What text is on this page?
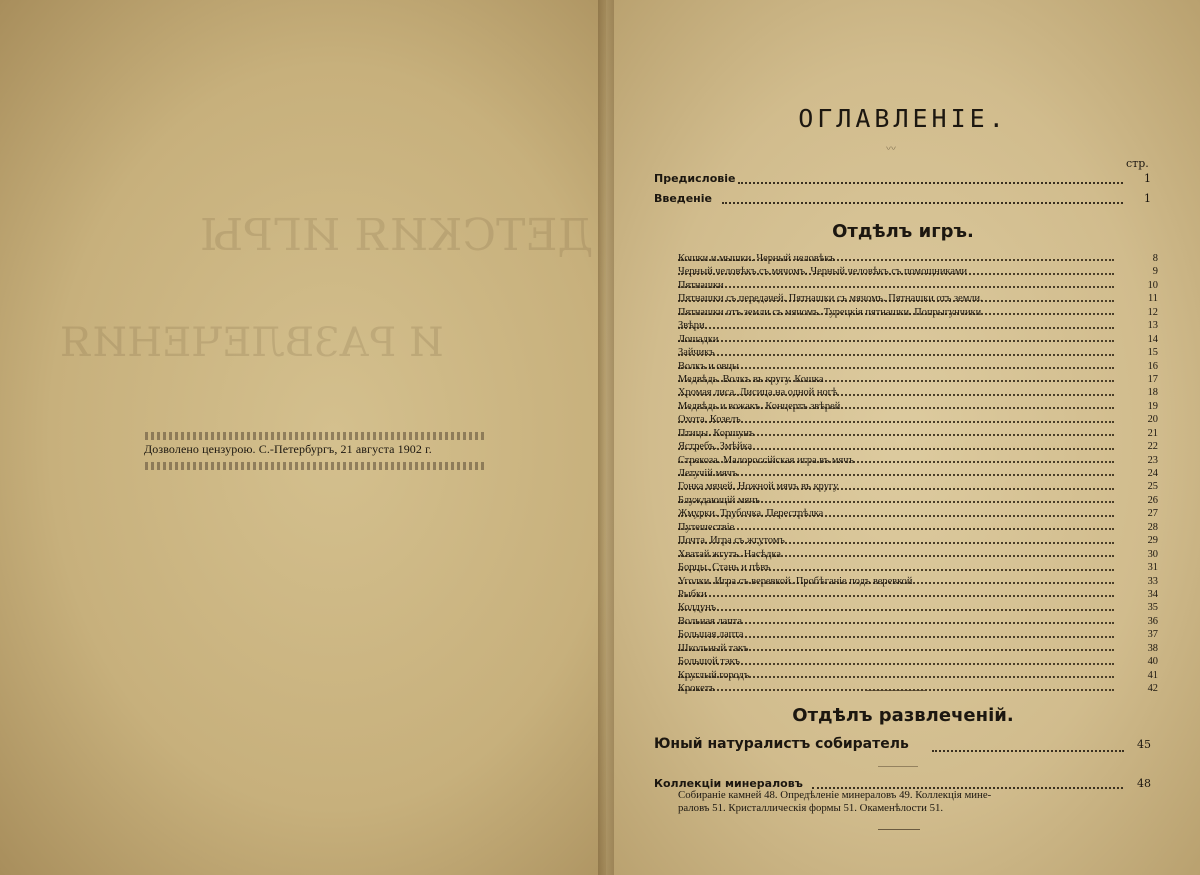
ДЕТСКИЯ ИГРЫ
И РАЗВЛЕЧЕНИЯ
Дозволено цензурою. С.-Петербургъ, 21 августа 1902 г.
ОГЛАВЛЕНІЕ.
〰
стр.
Предисловіе	1
Введеніе	1
Отдѣлъ игръ.
Кошки и мышки. Черный человѣкъ	8
Черный человѣкъ съ мячомъ. Черный человѣкъ съ помощниками	9
Пятнашки	10
Пятнашки съ передачей. Пятнашки съ мячомъ. Пятнашки отъ земли.	11
Пятнашки отъ земли съ мячомъ. Турецкія пятнашки. Попрыгунчики	12
Звѣри	13
Лошадки	14
Зайчикъ	15
Волкъ и овцы	16
Медвѣдь. Волкъ въ кругу. Кошка	17
Хромая лиса. Лисица на одной ногѣ	18
Медвѣдь и вожакъ. Концертъ звѣрей	19
Охота. Козелъ	20
Птицы. Коршунъ	21
Ястребъ. Змѣйка	22
Стрекоза. Малороссійская игра въ мячъ	23
Летучій мячъ	24
Гонка мячей. Ножной мячъ въ кругу	25
Блуждающій мячъ	26
Жмурки. Трубочка. Перестрѣлка	27
Путешествіе	28
Почта. Игра съ жгутомъ	29
Хватай жгутъ. Насѣдка	30
Борцы. Стань и пѣвъ	31
Уголки. Игра съ веревкой. Пробѣганіе подъ веревкой	33
Рыбки	34
Колдунъ	35
Вольная лапта	36
Большая лапта	37
Школьный тэкъ	38
Большой тэкъ	40
Круглый городъ	41
Крокетъ	42
Отдѣлъ развлеченій.
Юный натуралистъ собиратель	45
Коллекціи минераловъ	48
Собираніе камней 48. Опредѣленіе минераловъ 49. Коллекція мине-
раловъ 51. Кристаллическія формы 51. Окаменѣлости 51.
